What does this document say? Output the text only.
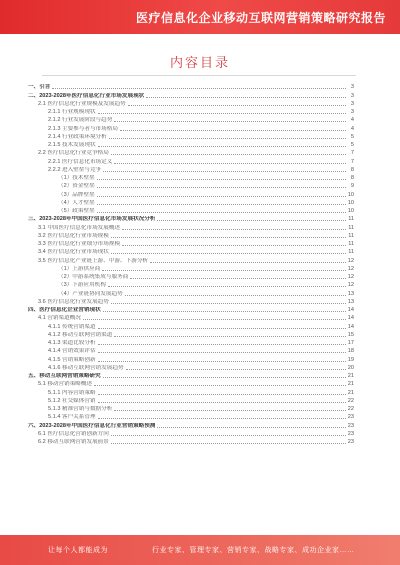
医疗信息化企业移动互联网营销策略研究报告
内容目录
一、引言	3
二、2023-2028年医疗信息化行业市场发展现状	3
2.1 医疗信息化行业规模及发展趋势	3
2.1.1 行业规模现状	3
2.1.2 行业发展阶段与趋势	4
2.1.3 主要参与者与市场格局	4
2.1.4 行业政策环境分析	5
2.1.5 技术发展现状	5
2.2 医疗信息化行业竞争格局	7
2.2.1 医疗信息化市场定义	7
2.2.2 进入壁垒与竞争	8
（1）技术壁垒	8
（2）资金壁垒	9
（3）品牌壁垒	10
（4）人才壁垒	10
（5）政策壁垒	10
三、2023-2028年中国医疗信息化市场发展状况分析	11
3.1 中国医疗信息化市场发展概述	11
3.2 医疗信息化行业市场规模	11
3.3 医疗信息化行业细分市场规模	11
3.4 医疗信息化行业市场现状	11
3.5 医疗信息化产业链上游、中游、下游分析	12
（1）上游供应商	12
（2）中游系统集成与服务商	12
（3）下游应用机构	12
（4）产业链协同发展趋势	13
3.6 医疗信息化行业发展趋势	13
四、医疗信息化企业营销现状	14
4.1 营销渠道概况	14
4.1.1 传统营销渠道	14
4.1.2 移动互联网营销渠道	15
4.1.3 渠道比较分析	17
4.1.4 营销效果评估	18
4.1.5 营销策略创新	19
4.1.6 移动互联网营销发展趋势	20
五、移动互联网营销策略研究	21
5.1 移动营销策略概述	21
5.1.1 内容营销策略	21
5.1.2 社交媒体营销	22
5.1.3 精准营销与数据分析	22
5.1.4 客户关系管理	23
六、2023-2028年中国医疗信息化行业营销策略预测	23
6.1 医疗信息化营销创新方向	23
6.2 移动互联网营销发展前景	23
让每个人都能成为	行业专家、管理专家、营销专家、战略专家、成功企业家……
